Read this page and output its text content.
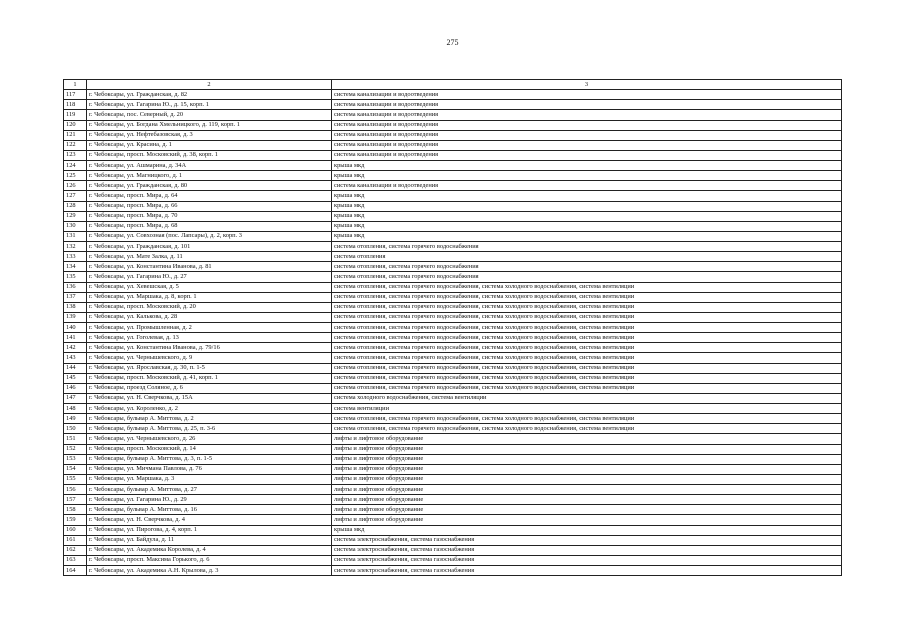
275
1	2	3
117	г. Чебоксары, ул. Гражданская, д. 82	система канализации и водоотведения
118	г. Чебоксары, ул. Гагарина Ю., д. 15, корп. 1	система канализации и водоотведения
119	г. Чебоксары, пос. Северный, д. 20	система канализации и водоотведения
120	г. Чебоксары, ул. Богдана Хмельницкого, д. 119, корп. 1	система канализации и водоотведения
121	г. Чебоксары, ул. Нефтебазовская, д. 3	система канализации и водоотведения
122	г. Чебоксары, ул. Красина, д. 1	система канализации и водоотведения
123	г. Чебоксары, просп. Московский, д. 38, корп. 1	система канализации и водоотведения
124	г. Чебоксары, ул. Ашмарина, д. 34А	крыша мкд
125	г. Чебоксары, ул. Магницкого, д. 1	крыша мкд
126	г. Чебоксары, ул. Гражданская, д. 80	система канализации и водоотведения
127	г. Чебоксары, просп. Мира, д. 64	крыша мкд
128	г. Чебоксары, просп. Мира, д. 66	крыша мкд
129	г. Чебоксары, просп. Мира, д. 70	крыша мкд
130	г. Чебоксары, просп. Мира, д. 68	крыша мкд
131	г. Чебоксары, ул. Совхозная (пос. Лапсары), д. 2, корп. 3	крыша мкд
132	г. Чебоксары, ул. Гражданская, д. 101	система отопления, система горячего водоснабжения
133	г. Чебоксары, ул. Мате Залка, д. 11	система отопления
134	г. Чебоксары, ул. Константина Иванова, д. 81	система отопления, система горячего водоснабжения
135	г. Чебоксары, ул. Гагарина Ю., д. 27	система отопления, система горячего водоснабжения
136	г. Чебоксары, ул. Хевешская, д. 5	система отопления, система горячего водоснабжения, система холодного водоснабжения, система вентиляции
137	г. Чебоксары, ул. Маршака, д. 8, корп. 1	система отопления, система горячего водоснабжения, система холодного водоснабжения, система вентиляции
138	г. Чебоксары, просп. Московский, д. 20	система отопления, система горячего водоснабжения, система холодного водоснабжения, система вентиляции
139	г. Чебоксары, ул. Калькова, д. 28	система отопления, система горячего водоснабжения, система холодного водоснабжения, система вентиляции
140	г. Чебоксары, ул. Промышленная, д. 2	система отопления, система горячего водоснабжения, система холодного водоснабжения, система вентиляции
141	г. Чебоксары, ул. Гоголевая, д. 13	система отопления, система горячего водоснабжения, система холодного водоснабжения, система вентиляции
142	г. Чебоксары, ул. Константина Иванова, д. 79/16	система отопления, система горячего водоснабжения, система холодного водоснабжения, система вентиляции
143	г. Чебоксары, ул. Чернышевского, д. 9	система отопления, система горячего водоснабжения, система холодного водоснабжения, система вентиляции
144	г. Чебоксары, ул. Ярославская, д. 30, п. 1-5	система отопления, система горячего водоснабжения, система холодного водоснабжения, система вентиляции
145	г. Чебоксары, просп. Московский, д. 41, корп. 1	система отопления, система горячего водоснабжения, система холодного водоснабжения, система вентиляции
146	г. Чебоксары, проезд Соляное, д. 6	система отопления, система горячего водоснабжения, система холодного водоснабжения, система вентиляции
147	г. Чебоксары, ул. Н. Сверчкова, д. 15А	система холодного водоснабжения, система вентиляции
148	г. Чебоксары, ул. Короленко, д. 2	система вентиляции
149	г. Чебоксары, бульвар А. Миттова, д. 2	система отопления, система горячего водоснабжения, система холодного водоснабжения, система вентиляции
150	г. Чебоксары, бульвар А. Миттова, д. 25, п. 3-6	система отопления, система горячего водоснабжения, система холодного водоснабжения, система вентиляции
151	г. Чебоксары, ул. Чернышевского, д. 26	лифты и лифтовое оборудование
152	г. Чебоксары, просп. Московский, д. 14	лифты и лифтовое оборудование
153	г. Чебоксары, бульвар А. Миттова, д. 3, п. 1-5	лифты и лифтовое оборудование
154	г. Чебоксары, ул. Мичмана Павлова, д. 76	лифты и лифтовое оборудование
155	г. Чебоксары, ул. Маршака, д. 3	лифты и лифтовое оборудование
156	г. Чебоксары, бульвар А. Миттова, д. 27	лифты и лифтовое оборудование
157	г. Чебоксары, ул. Гагарина Ю., д. 29	лифты и лифтовое оборудование
158	г. Чебоксары, бульвар А. Миттова, д. 16	лифты и лифтовое оборудование
159	г. Чебоксары, ул. Н. Сверчкова, д. 4	лифты и лифтовое оборудование
160	г. Чебоксары, ул. Пирогова, д. 4, корп. 1	крыша мкд
161	г. Чебоксары, ул. Байдула, д. 11	система электроснабжения, система газоснабжения
162	г. Чебоксары, ул. Академика Королева, д. 4	система электроснабжения, система газоснабжения
163	г. Чебоксары, просп. Максима Горького, д. 6	система электроснабжения, система газоснабжения
164	г. Чебоксары, ул. Академика А.Н. Крылова, д. 3	система электроснабжения, система газоснабжения
